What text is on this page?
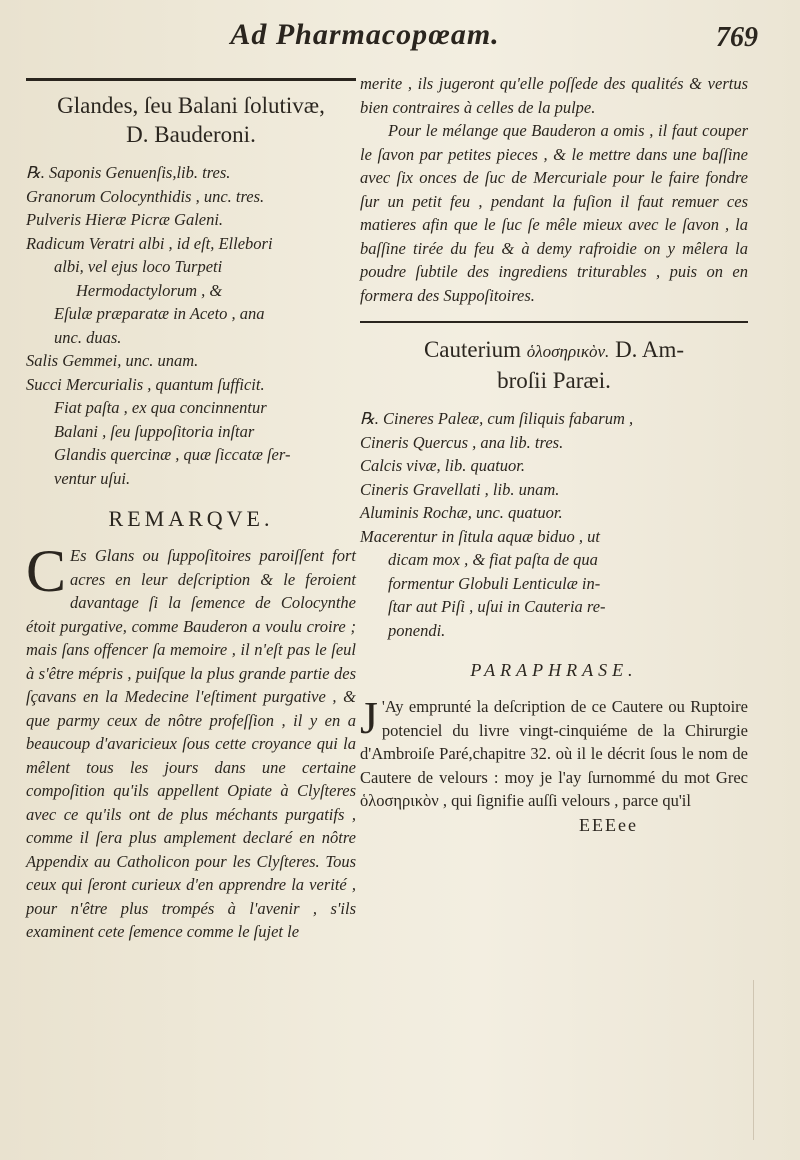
Ad Pharmacopœam.	769
Glandes, ſeu Balani ſolutivæ,
D. Bauderoni.

℞. Saponis Genuenſis,lib. tres.

Granorum Colocynthidis , unc. tres.

Pulveris Hieræ Picræ Galeni.

Radicum Veratri albi , id eſt, Ellebori

albi, vel ejus loco Turpeti

Hermodactylorum , &

Eſulæ præparatæ in Aceto , ana

unc. duas.

Salis Gemmei, unc. unam.

Succi Mercurialis , quantum ſufficit.

Fiat paſta , ex qua concinnentur

Balani , ſeu ſuppoſitoria inſtar

Glandis quercinæ , quæ ſiccatæ ſer-

ventur uſui.

REMARQVE.
C Es Glans ou ſuppoſitoires paroiſſent fort acres en leur deſcription & le feroient davantage ſi la ſemence de Colocynthe étoit purgative, comme Bauderon a voulu croire ; mais ſans offencer ſa memoire , il n'eſt pas le ſeul à s'être mépris , puiſque la plus grande partie des ſçavans en la Medecine l'eſtiment purgative , & que parmy ceux de nôtre profeſſion , il y en a beaucoup d'avaricieux ſous cette croyance qui la mêlent tous les jours dans une certaine compoſition qu'ils appellent Opiate à Clyſteres avec ce qu'ils ont de plus méchants purgatifs , comme il ſera plus amplement declaré en nôtre Appendix au Catholicon pour les Clyſteres. Tous ceux qui ſeront curieux d'en apprendre la verité , pour n'être plus trompés à l'avenir , s'ils examinent cete ſemence comme le ſujet le
merite , ils jugeront qu'elle poſſede des qualités & vertus bien contraires à celles de la pulpe.
Pour le mélange que Bauderon a omis , il faut couper le ſavon par petites pieces , & le mettre dans une baſſine avec ſix onces de ſuc de Mercuriale pour le faire fondre ſur un petit feu , pendant la fuſion il faut remuer ces matieres afin que le ſuc ſe mêle mieux avec le ſavon , la baſſine tirée du feu & à demy rafroidie on y mêlera la poudre ſubtile des ingrediens triturables , puis on en formera des Suppoſitoires.
Cauterium ὁλοσηρικὸν. D. Am-
broſii Paræi.

℞. Cineres Paleæ, cum ſiliquis fabarum ,

Cineris Quercus , ana lib. tres.

Calcis vivæ, lib. quatuor.

Cineris Gravellati , lib. unam.

Aluminis Rochæ, unc. quatuor.

Macerentur in ſitula aquæ biduo , ut

dicam mox , & fiat paſta de qua

formentur Globuli Lenticulæ in-

ſtar aut Piſi , uſui in Cauteria re-

ponendi.

PARAPHRASE.
J 'Ay emprunté la deſcription de ce Cautere ou Ruptoire potenciel du livre vingt-cinquiéme de la Chirurgie d'Ambroiſe Paré,chapitre 32. où il le décrit ſous le nom de Cautere de velours : moy je l'ay ſurnommé du mot Grec ὁλοσηρικὸν , qui ſignifie auſſi velours , parce qu'il
EEEee
